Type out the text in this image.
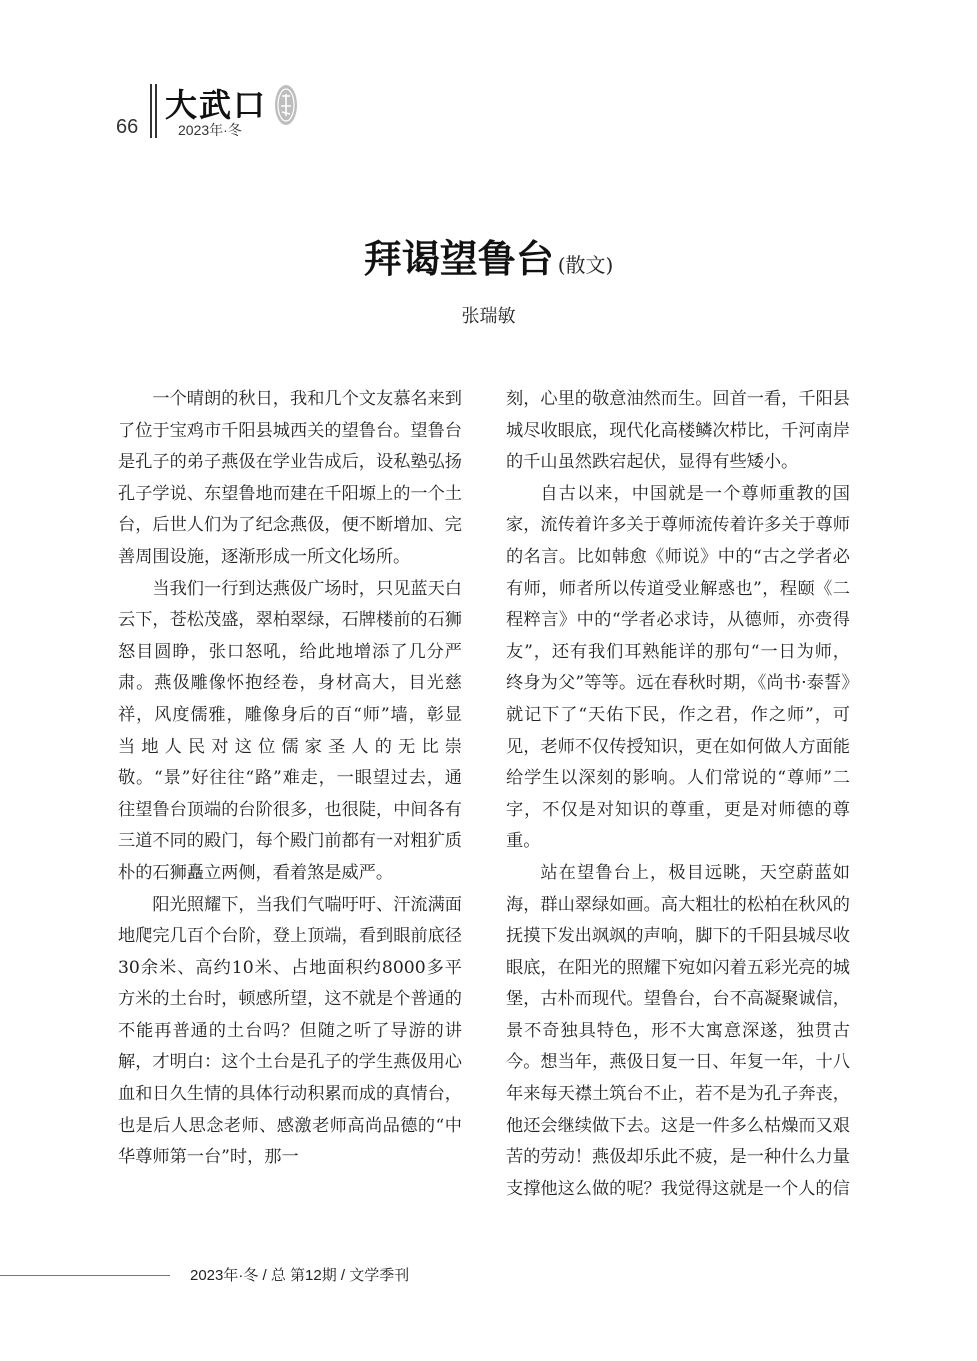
66
大武口
2023年·冬
拜谒望鲁台 (散文)
张瑞敏

一个晴朗的秋日，我和几个文友慕名来到了位于宝鸡市千阳县城西关的望鲁台。望鲁台是孔子的弟子燕伋在学业告成后，设私塾弘扬孔子学说、东望鲁地而建在千阳塬上的一个土台，后世人们为了纪念燕伋，便不断增加、完善周围设施，逐渐形成一所文化场所。

当我们一行到达燕伋广场时，只见蓝天白云下，苍松茂盛，翠柏翠绿，石牌楼前的石狮怒目圆睁，张口怒吼，给此地增添了几分严肃。燕伋雕像怀抱经卷，身材高大，目光慈祥，风度儒雅，雕像身后的百“师”墙，彰显当地人民对这位儒家圣人的无比崇敬。“景”好往往“路”难走，一眼望过去，通往望鲁台顶端的台阶很多，也很陡，中间各有三道不同的殿门，每个殿门前都有一对粗犷质朴的石狮矗立两侧，看着煞是威严。

阳光照耀下，当我们气喘吁吁、汗流满面地爬完几百个台阶，登上顶端，看到眼前底径30余米、高约10米、占地面积约8000多平方米的土台时，顿感所望，这不就是个普通的不能再普通的土台吗？但随之听了导游的讲解，才明白：这个土台是孔子的学生燕伋用心血和日久生情的具体行动积累而成的真情台，也是后人思念老师、感激老师高尚品德的“中华尊师第一台”时，那一

刻，心里的敬意油然而生。回首一看，千阳县城尽收眼底，现代化高楼鳞次栉比，千河南岸的千山虽然跌宕起伏，显得有些矮小。

自古以来，中国就是一个尊师重教的国家，流传着许多关于尊师流传着许多关于尊师的名言。比如韩愈《师说》中的“古之学者必有师，师者所以传道受业解惑也”，程颐《二程粹言》中的“学者必求诗，从德师，亦赍得友”，还有我们耳熟能详的那句“一日为师，终身为父”等等。远在春秋时期，《尚书·泰誓》就记下了“天佑下民，作之君，作之师”，可见，老师不仅传授知识，更在如何做人方面能给学生以深刻的影响。人们常说的“尊师”二字，不仅是对知识的尊重，更是对师德的尊重。

站在望鲁台上，极目远眺，天空蔚蓝如海，群山翠绿如画。高大粗壮的松柏在秋风的抚摸下发出飒飒的声响，脚下的千阳县城尽收眼底，在阳光的照耀下宛如闪着五彩光亮的城堡，古朴而现代。望鲁台，台不高凝聚诚信，景不奇独具特色，形不大寓意深遂，独贯古今。想当年，燕伋日复一日、年复一年，十八年来每天襟土筑台不止，若不是为孔子奔丧，他还会继续做下去。这是一件多么枯燥而又艰苦的劳动！燕伋却乐此不疲，是一种什么力量支撑他这么做的呢？我觉得这就是一个人的信

2023年·冬 / 总 第12期 / 文学季刊
